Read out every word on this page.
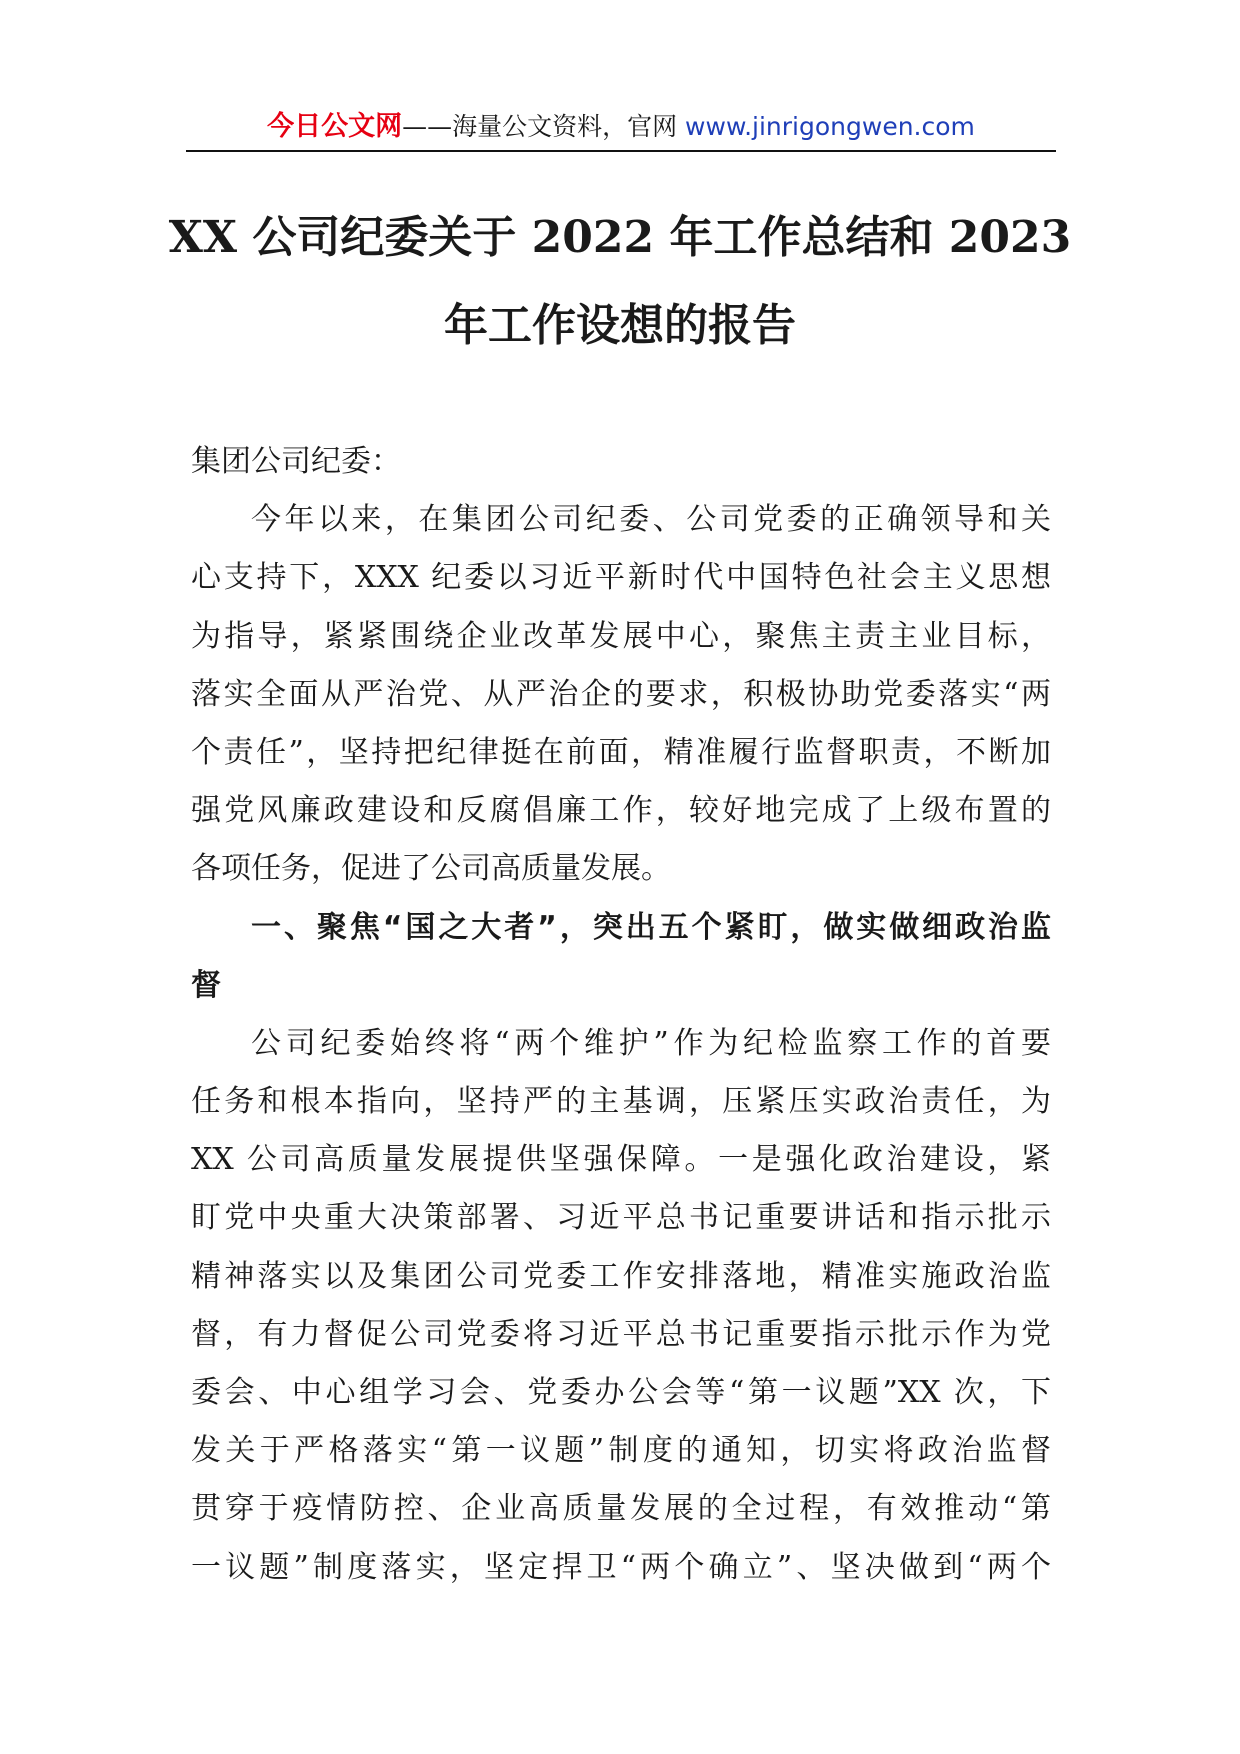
今日公文网——海量公文资料，官网 www.jinrigongwen.com
XX 公司纪委关于 2022 年工作总结和 2023
年工作设想的报告
集团公司纪委：
今年以来，在集团公司纪委、公司党委的正确领导和关
心支持下，XXX 纪委以习近平新时代中国特色社会主义思想
为指导，紧紧围绕企业改革发展中心，聚焦主责主业目标，
落实全面从严治党、从严治企的要求，积极协助党委落实“两
个责任”，坚持把纪律挺在前面，精准履行监督职责，不断加
强党风廉政建设和反腐倡廉工作，较好地完成了上级布置的
各项任务，促进了公司高质量发展。
一、聚焦“国之大者”，突出五个紧盯，做实做细政治监
督
公司纪委始终将“两个维护”作为纪检监察工作的首要
任务和根本指向，坚持严的主基调，压紧压实政治责任，为
XX 公司高质量发展提供坚强保障。一是强化政治建设，紧
盯党中央重大决策部署、习近平总书记重要讲话和指示批示
精神落实以及集团公司党委工作安排落地，精准实施政治监
督，有力督促公司党委将习近平总书记重要指示批示作为党
委会、中心组学习会、党委办公会等“第一议题”XX 次，下
发关于严格落实“第一议题”制度的通知，切实将政治监督
贯穿于疫情防控、企业高质量发展的全过程，有效推动“第
一议题”制度落实，坚定捍卫“两个确立”、坚决做到“两个
